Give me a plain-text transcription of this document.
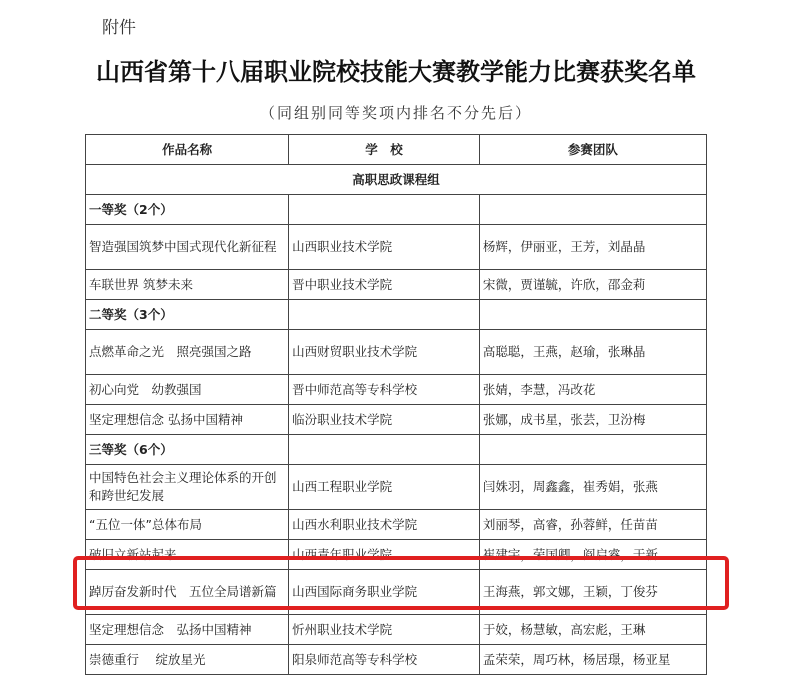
附件
山西省第十八届职业院校技能大赛教学能力比赛获奖名单
（同组别同等奖项内排名不分先后）
作品名称	学　校	参赛团队
高职思政课程组		
一等奖（2个）		
智造强国筑梦中国式现代化新征程	山西职业技术学院	杨辉，伊丽亚，王芳，刘晶晶
车联世界 筑梦未来	晋中职业技术学院	宋微，贾谨毓，许欣，邵金莉
二等奖（3个）		
点燃革命之光　照亮强国之路	山西财贸职业技术学院	高聪聪，王燕，赵瑜，张琳晶
初心向党　幼教强国	晋中师范高等专科学校	张婧，李慧，冯改花
坚定理想信念 弘扬中国精神	临汾职业技术学院	张娜，成书星，张芸，卫汾梅
三等奖（6个）		
中国特色社会主义理论体系的开创和跨世纪发展	山西工程职业学院	闫姝羽，周鑫鑫，崔秀娟，张燕
“五位一体”总体布局	山西水利职业技术学院	刘丽琴，高睿，孙蓉鲜，任苗苗
破旧立新站起来	山西青年职业学院	崔建宇，荣国卿，阎启睿，于新
踔厉奋发新时代　五位全局谱新篇	山西国际商务职业学院	王海燕，郭文娜，王颖，丁俊芬
坚定理想信念　弘扬中国精神	忻州职业技术学院	于姣，杨慧敏，高宏彪，王琳
崇德重行　 绽放星光	阳泉师范高等专科学校	孟荣荣，周巧林，杨居璟，杨亚星
